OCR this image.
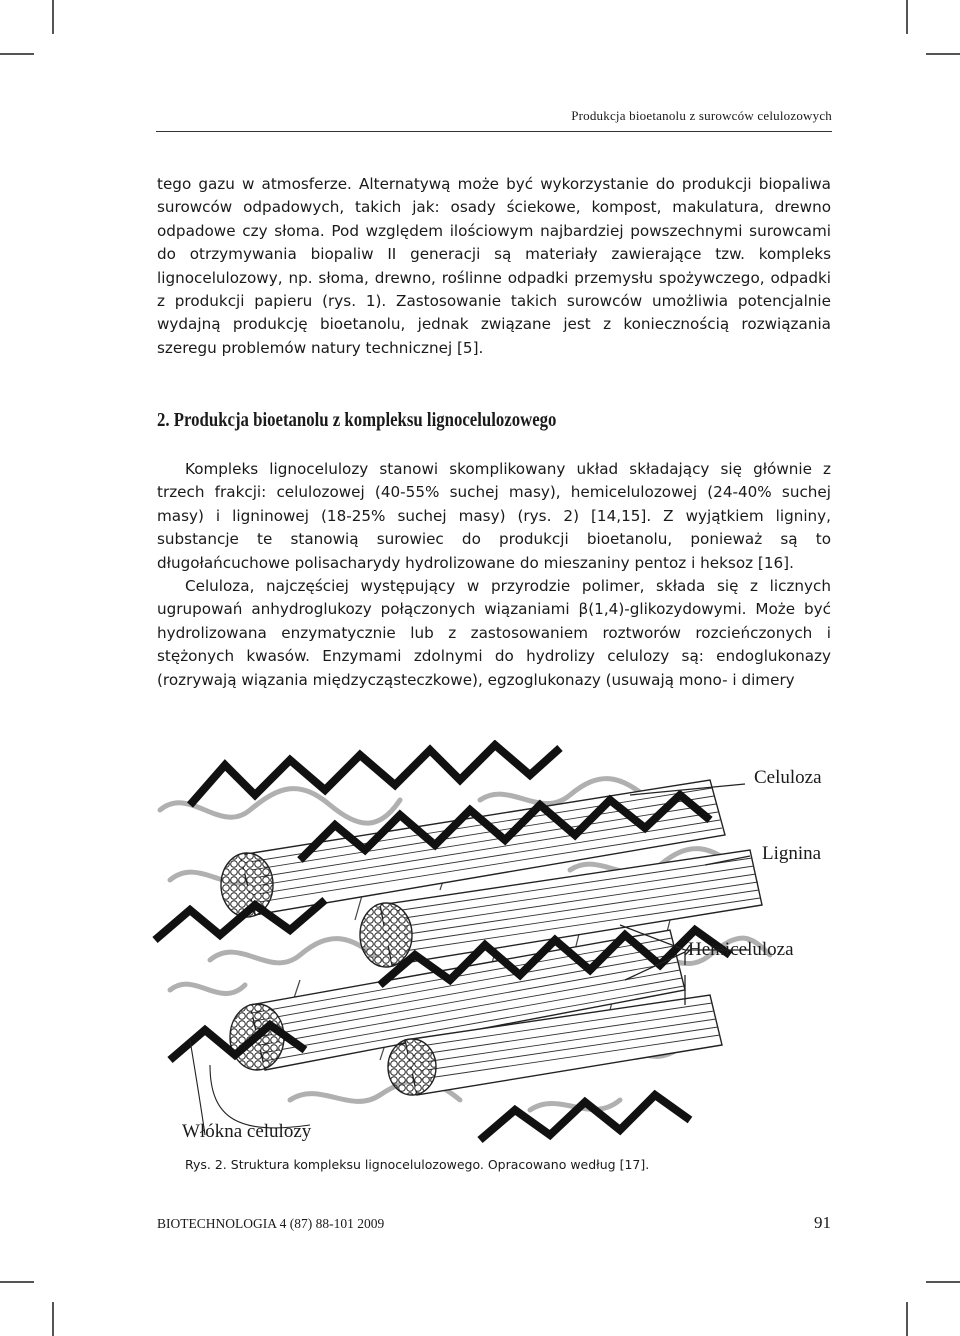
Produkcja bioetanolu z surowców celulozowych

tego gazu w atmosferze. Alternatywą może być wykorzystanie do produkcji biopaliwa surowców odpadowych, takich jak: osady ściekowe, kompost, makulatura, drewno odpadowe czy słoma. Pod względem ilościowym najbardziej powszechnymi surowcami do otrzymywania biopaliw II generacji są materiały zawierające tzw. kompleks lignocelulozowy, np. słoma, drewno, roślinne odpadki przemysłu spożywczego, odpadki z produkcji papieru (rys. 1). Zastosowanie takich surowców umożliwia potencjalnie wydajną produkcję bioetanolu, jednak związane jest z koniecznością rozwiązania szeregu problemów natury technicznej [5].

2. Produkcja bioetanolu z kompleksu lignocelulozowego

Kompleks lignocelulozy stanowi skomplikowany układ składający się głównie z trzech frakcji: celulozowej (40-55% suchej masy), hemicelulozowej (24-40% suchej masy) i ligninowej (18-25% suchej masy) (rys. 2) [14,15]. Z wyjątkiem ligniny, substancje te stanowią surowiec do produkcji bioetanolu, ponieważ są to długołańcuchowe polisacharydy hydrolizowane do mieszaniny pentoz i heksoz [16].

Celuloza, najczęściej występujący w przyrodzie polimer, składa się z licznych ugrupowań anhydroglukozy połączonych wiązaniami β(1,4)-glikozydowymi. Może być hydrolizowana enzymatycznie lub z zastosowaniem roztworów rozcieńczonych i stężonych kwasów. Enzymami zdolnymi do hydrolizy celulozy są: endoglukonazy (rozrywają wiązania międzycząsteczkowe), egzoglukonazy (usuwają mono- i dimery

Celuloza
Lignina
Hemiceluloza
Włókna celulozy
Rys. 2. Struktura kompleksu lignocelulozowego. Opracowano według [17].
BIOTECHNOLOGIA 4 (87) 88-101 2009	91
